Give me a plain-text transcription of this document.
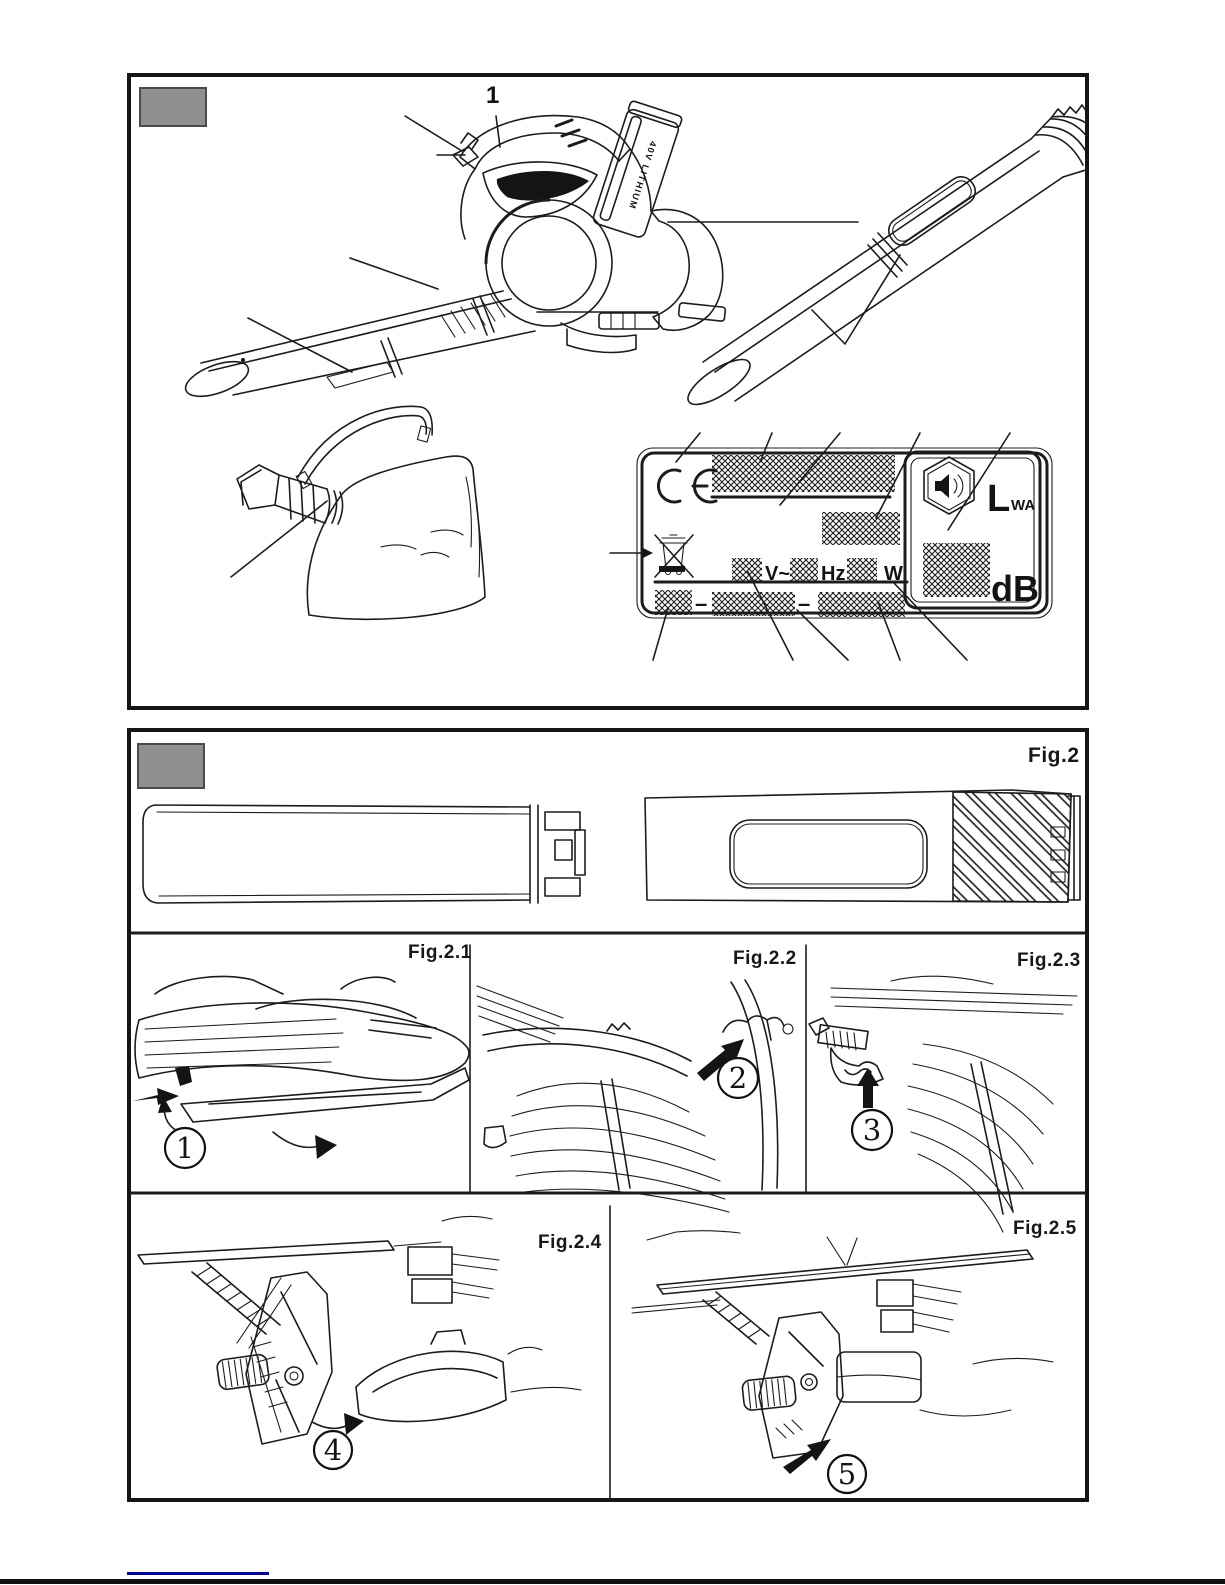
40V LITHIUM
V~ Hz W
–	–
L WA
dB
1
1
2
3
4
5
Fig.2
Fig.2.1	Fig.2.2	Fig.2.3
Fig.2.4
Fig.2.5
